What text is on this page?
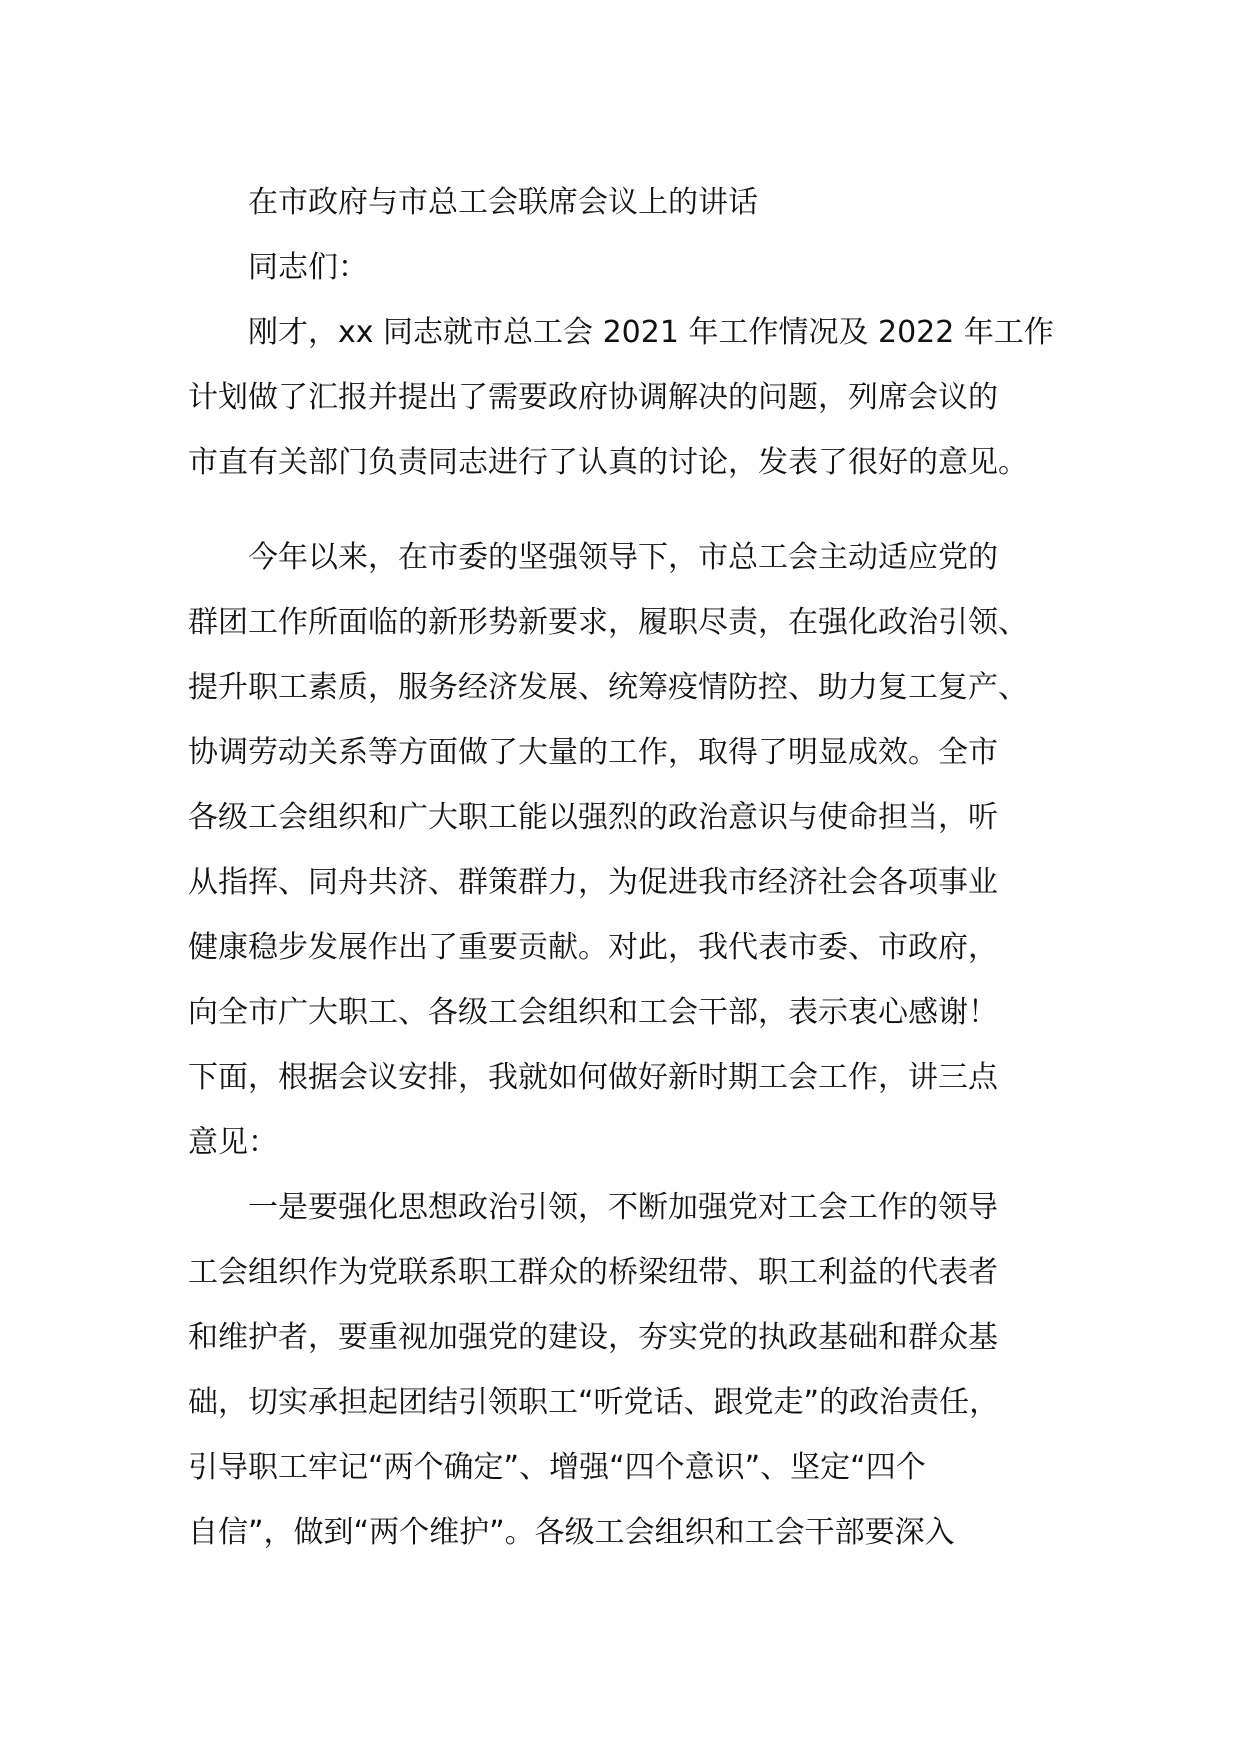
在市政府与市总工会联席会议上的讲话
同志们：
刚才，xx 同志就市总工会 2021 年工作情况及 2022 年工作
计划做了汇报并提出了需要政府协调解决的问题，列席会议的
市直有关部门负责同志进行了认真的讨论，发表了很好的意见。
今年以来，在市委的坚强领导下，市总工会主动适应党的
群团工作所面临的新形势新要求，履职尽责，在强化政治引领、
提升职工素质，服务经济发展、统筹疫情防控、助力复工复产、
协调劳动关系等方面做了大量的工作，取得了明显成效。全市
各级工会组织和广大职工能以强烈的政治意识与使命担当，听
从指挥、同舟共济、群策群力，为促进我市经济社会各项事业
健康稳步发展作出了重要贡献。对此，我代表市委、市政府，
向全市广大职工、各级工会组织和工会干部，表示衷心感谢！
下面，根据会议安排，我就如何做好新时期工会工作，讲三点
意见：
一是要强化思想政治引领，不断加强党对工会工作的领导
工会组织作为党联系职工群众的桥梁纽带、职工利益的代表者
和维护者，要重视加强党的建设，夯实党的执政基础和群众基
础，切实承担起团结引领职工“听党话、跟党走”的政治责任，
引导职工牢记“两个确定”、增强“四个意识”、坚定“四个
自信”，做到“两个维护”。各级工会组织和工会干部要深入
